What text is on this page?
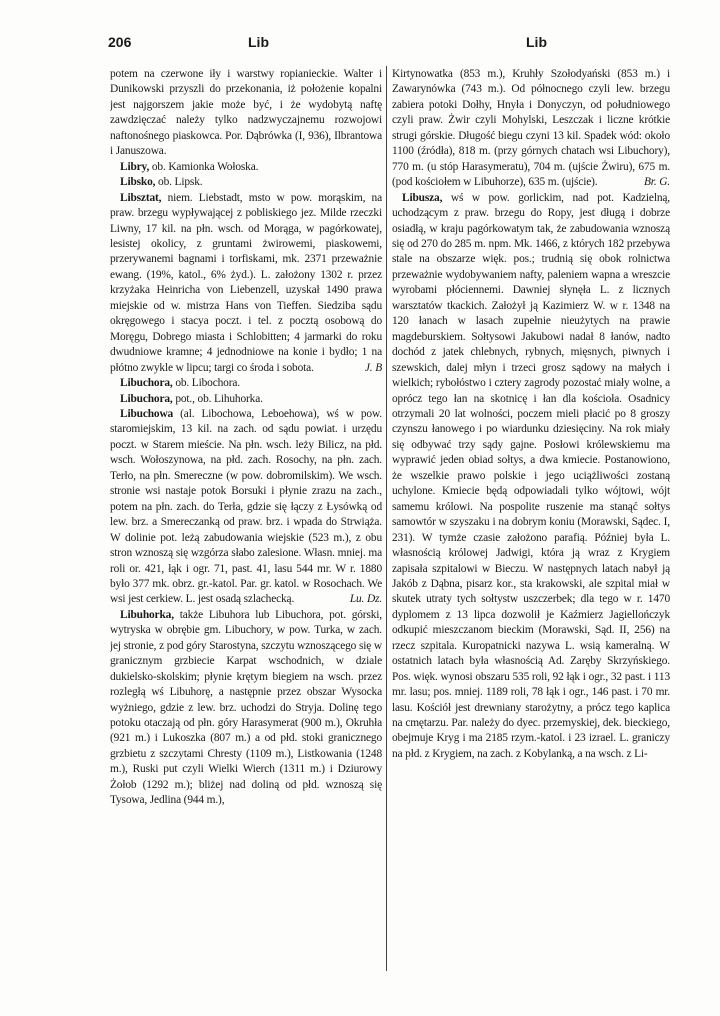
206	Lib	Lib

potem na czerwone iły i warstwy ropianieckie. Walter i Dunikowski przyszli do przekonania, iż położenie kopalni jest najgorszem jakie może być, i że wydobytą naftę zawdzięczać należy tylko nadzwyczajnemu rozwojowi naftonośnego piaskowca. Por. Dąbrówka (I, 936), Ilbrantowa i Januszowa.

Libry, ob. Kamionka Wołoska.

Libsko, ob. Lipsk.

Libsztat, niem. Liebstadt, msto w pow. morąskim, na praw. brzegu wypływającej z pobliskiego jez. Milde rzeczki Liwny, 17 kil. na płn. wsch. od Morąga, w pagórkowatej, lesistej okolicy, z gruntami żwirowemi, piaskowemi, przerywanemi bagnami i torfiskami, mk. 2371 przeważnie ewang. (19%, katol., 6% żyd.). L. założony 1302 r. przez krzyżaka Heinricha von Liebenzell, uzyskał 1490 prawa miejskie od w. mistrza Hans von Tieffen. Siedziba sądu okręgowego i stacya poczt. i tel. z pocztą osobową do Moręgu, Dobrego miasta i Schlobitten; 4 jarmarki do roku dwudniowe kramne; 4 jednodniowe na konie i bydło; 1 na płótno zwykle w lipcu; targi co środa i sobota.	J. B

Libuchora, ob. Libochora.

Libuchora, pot., ob. Lihuhorka.

Libuchowa (al. Libochowa, Leboehowa), wś w pow. staromiejskim, 13 kil. na zach. od sądu powiat. i urzędu poczt. w Starem mieście. Na płn. wsch. leży Bilicz, na płd. wsch. Wołoszynowa, na płd. zach. Rosochy, na płn. zach. Terło, na płn. Smereczne (w pow. dobromilskim). We wsch. stronie wsi nastaje potok Borsuki i płynie zrazu na zach., potem na płn. zach. do Terła, gdzie się łączy z Łysówką od lew. brz. a Smereczanką od praw. brz. i wpada do Strwiąża. W dolinie pot. leżą zabudowania wiejskie (523 m.), z obu stron wznoszą się wzgórza słabo zalesione. Własn. mniej. ma roli or. 421, łąk i ogr. 71, past. 41, lasu 544 mr. W r. 1880 było 377 mk. obrz. gr.-katol. Par. gr. katol. w Rosochach. We wsi jest cerkiew. L. jest osadą szlachecką.	Lu. Dz.

Libuhorka, także Libuhora lub Libuchora, pot. górski, wytryska w obrębie gm. Libuchory, w pow. Turka, w zach. jej stronie, z pod góry Starostyna, szczytu wznoszącego się w granicznym grzbiecie Karpat wschodnich, w dziale dukielsko-skolskim; płynie krętym biegiem na wsch. przez rozległą wś Libuhorę, a następnie przez obszar Wysocka wyżniego, gdzie z lew. brz. uchodzi do Stryja. Dolinę tego potoku otaczają od płn. góry Harasymerat (900 m.), Okruhła (921 m.) i Lukoszka (807 m.) a od płd. stoki granicznego grzbietu z szczytami Chresty (1109 m.), Listkowania (1248 m.), Ruski put czyli Wielki Wierch (1311 m.) i Dziurowy Żołob (1292 m.); bliżej nad doliną od płd. wznoszą się Tysowa, Jedlina (944 m.),

Kirtynowatka (853 m.), Kruhły Szołodyański (853 m.) i Zawarynówka (743 m.). Od północnego czyli lew. brzegu zabiera potoki Dołhy, Hnyła i Donyczyn, od południowego czyli praw. Żwir czyli Mohylski, Leszczak i liczne krótkie strugi górskie. Długość biegu czyni 13 kil. Spadek wód: około 1100 (źródła), 818 m. (przy górnych chatach wsi Libuchory), 770 m. (u stóp Harasymeratu), 704 m. (ujście Żwiru), 675 m. (pod kościołem w Libuhorze), 635 m. (ujście).	Br. G.

Libusza, wś w pow. gorlickim, nad pot. Kadzielną, uchodzącym z praw. brzegu do Ropy, jest długą i dobrze osiadłą, w kraju pagórkowatym tak, że zabudowania wznoszą się od 270 do 285 m. npm. Mk. 1466, z których 182 przebywa stale na obszarze więk. pos.; trudnią się obok rolnictwa przeważnie wydobywaniem nafty, paleniem wapna a wreszcie wyrobami płóciennemi. Dawniej słynęła L. z licznych warsztatów tkackich. Założył ją Kazimierz W. w r. 1348 na 120 łanach w lasach zupełnie nieużytych na prawie magdeburskiem. Sołtysowi Jakubowi nadał 8 łanów, nadto dochód z jatek chlebnych, rybnych, mięsnych, piwnych i szewskich, dalej młyn i trzeci grosz sądowy na małych i wielkich; rybołóstwo i cztery zagrody pozostać miały wolne, a oprócz tego łan na skotnicę i łan dla kościoła. Osadnicy otrzymali 20 lat wolności, poczem mieli płacić po 8 groszy czynszu łanowego i po wiardunku dziesięciny. Na rok miały się odbywać trzy sądy gajne. Posłowi królewskiemu ma wyprawić jeden obiad sołtys, a dwa kmiecie. Postanowiono, że wszelkie prawo polskie i jego uciążliwości zostaną uchylone. Kmiecie będą odpowiadali tylko wójtowi, wójt samemu królowi. Na pospolite ruszenie ma stanąć sołtys samowtór w szyszaku i na dobrym koniu (Morawski, Sądec. I, 231). W tymże czasie założono parafią. Później była L. własnością królowej Jadwigi, która ją wraz z Krygiem zapisała szpitalowi w Bieczu. W następnych latach nabył ją Jakób z Dąbna, pisarz kor., sta krakowski, ale szpital miał w skutek utraty tych sołtystw uszczerbek; dla tego w r. 1470 dyplomem z 13 lipca dozwolił je Kaźmierz Jagiellończyk odkupić mieszczanom bieckim (Morawski, Sąd. II, 256) na rzecz szpitala. Kuropatnicki nazywa L. wsią kameralną. W ostatnich latach była własnością Ad. Zaręby Skrzyńskiego. Pos. więk. wynosi obszaru 535 roli, 92 łąk i ogr., 32 past. i 113 mr. lasu; pos. mniej. 1189 roli, 78 łąk i ogr., 146 past. i 70 mr. lasu. Kościół jest drewniany starożytny, a prócz tego kaplica na cmętarzu. Par. należy do dyec. przemyskiej, dek. bieckiego, obejmuje Kryg i ma 2185 rzym.-katol. i 23 izrael. L. graniczy na płd. z Krygiem, na zach. z Kobylanką, a na wsch. z Li-
